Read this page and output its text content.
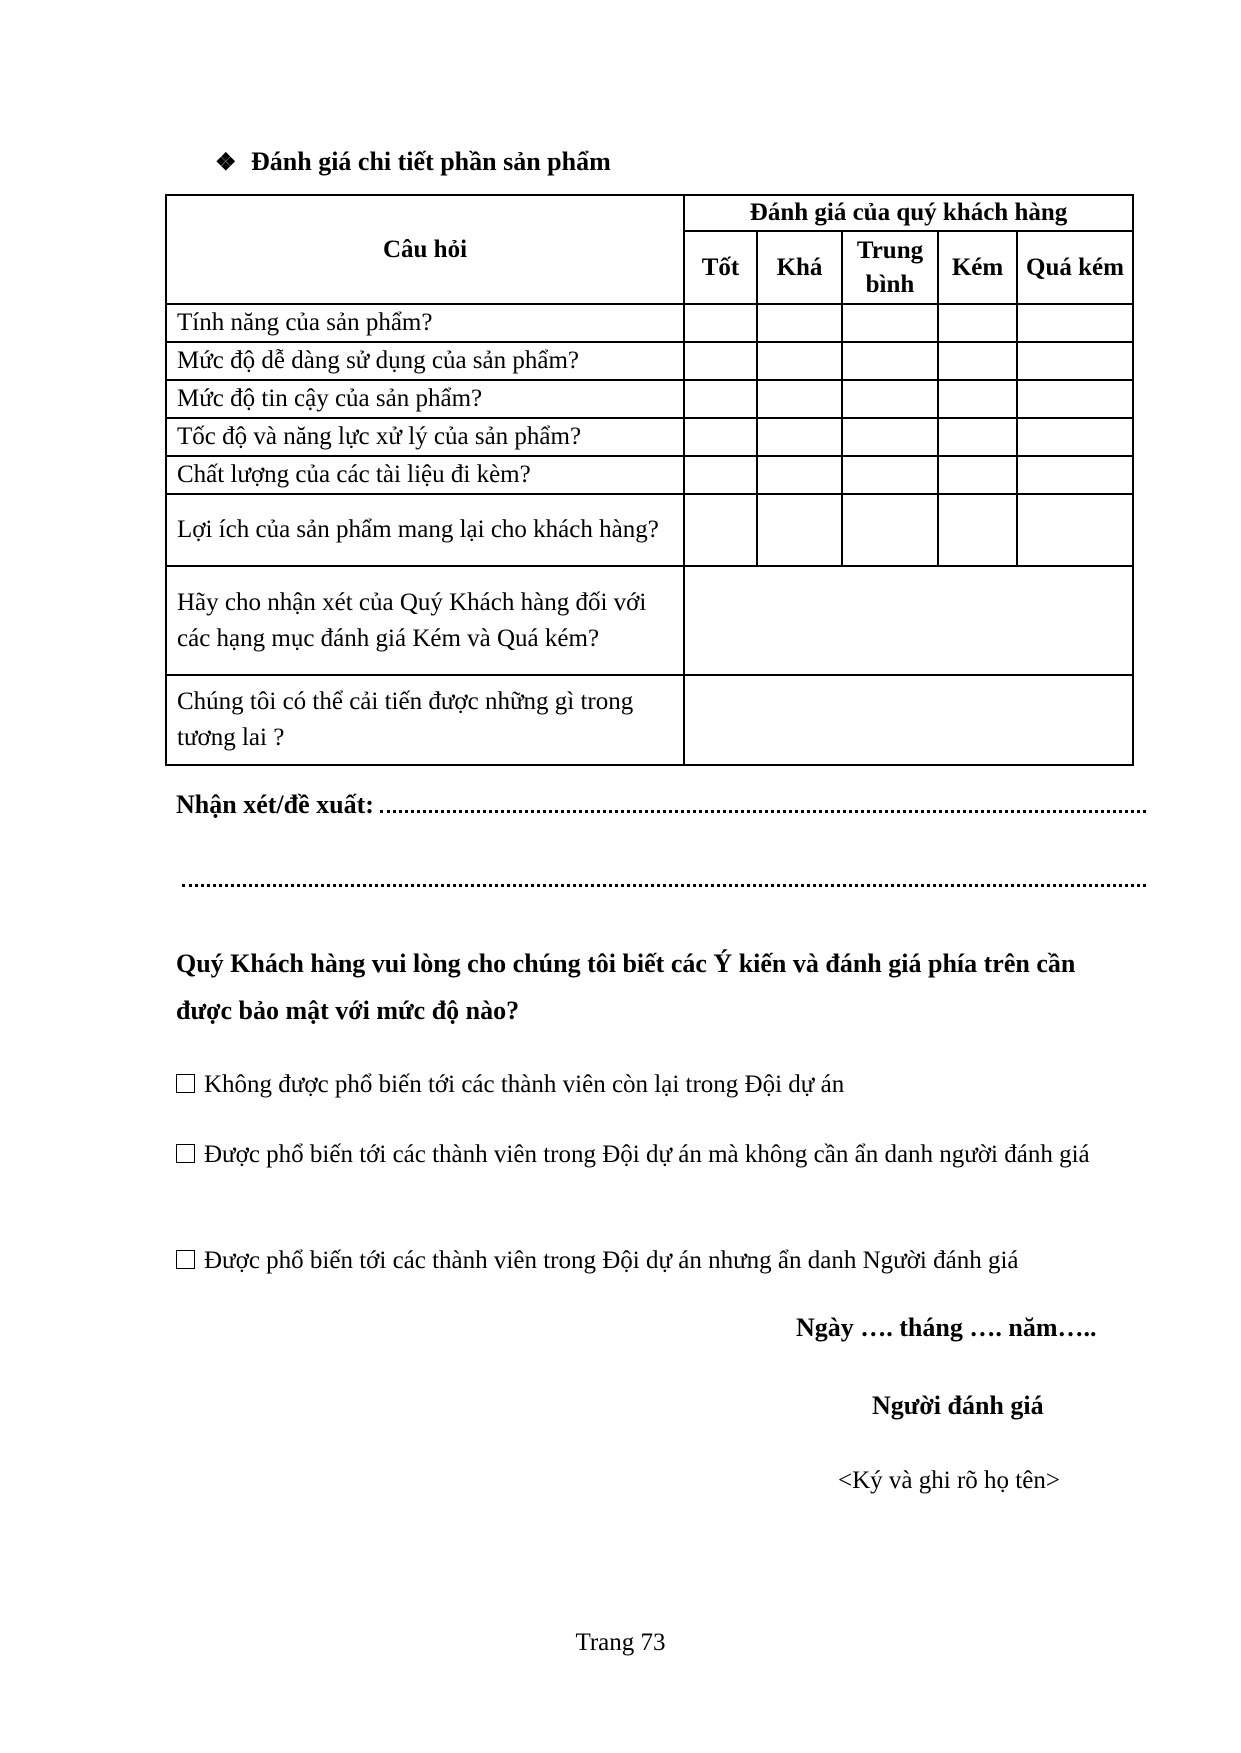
❖ Đánh giá chi tiết phần sản phẩm
Câu hỏi	Đánh giá của quý khách hàng				
	Tốt	Khá	Trung bình	Kém	Quá kém
Tính năng của sản phẩm?					
Mức độ dễ dàng sử dụng của sản phẩm?					
Mức độ tin cậy của sản phẩm?					
Tốc độ và năng lực xử lý của sản phẩm?					
Chất lượng của các tài liệu đi kèm?					
Lợi ích của sản phẩm mang lại cho khách hàng?					
Hãy cho nhận xét của Quý Khách hàng đối với các hạng mục đánh giá Kém và Quá kém?					
Chúng tôi có thể cải tiến được những gì trong tương lai ?					
Nhận xét/đề xuất:
Quý Khách hàng vui lòng cho chúng tôi biết các Ý kiến và đánh giá phía trên cần được bảo mật với mức độ nào?
Không được phổ biến tới các thành viên còn lại trong Đội dự án
Được phổ biến tới các thành viên trong Đội dự án mà không cần ẩn danh người đánh giá
Được phổ biến tới các thành viên trong Đội dự án nhưng ẩn danh Người đánh giá
Ngày …. tháng …. năm…..
Người đánh giá
<Ký và ghi rõ họ tên>
Trang 73
